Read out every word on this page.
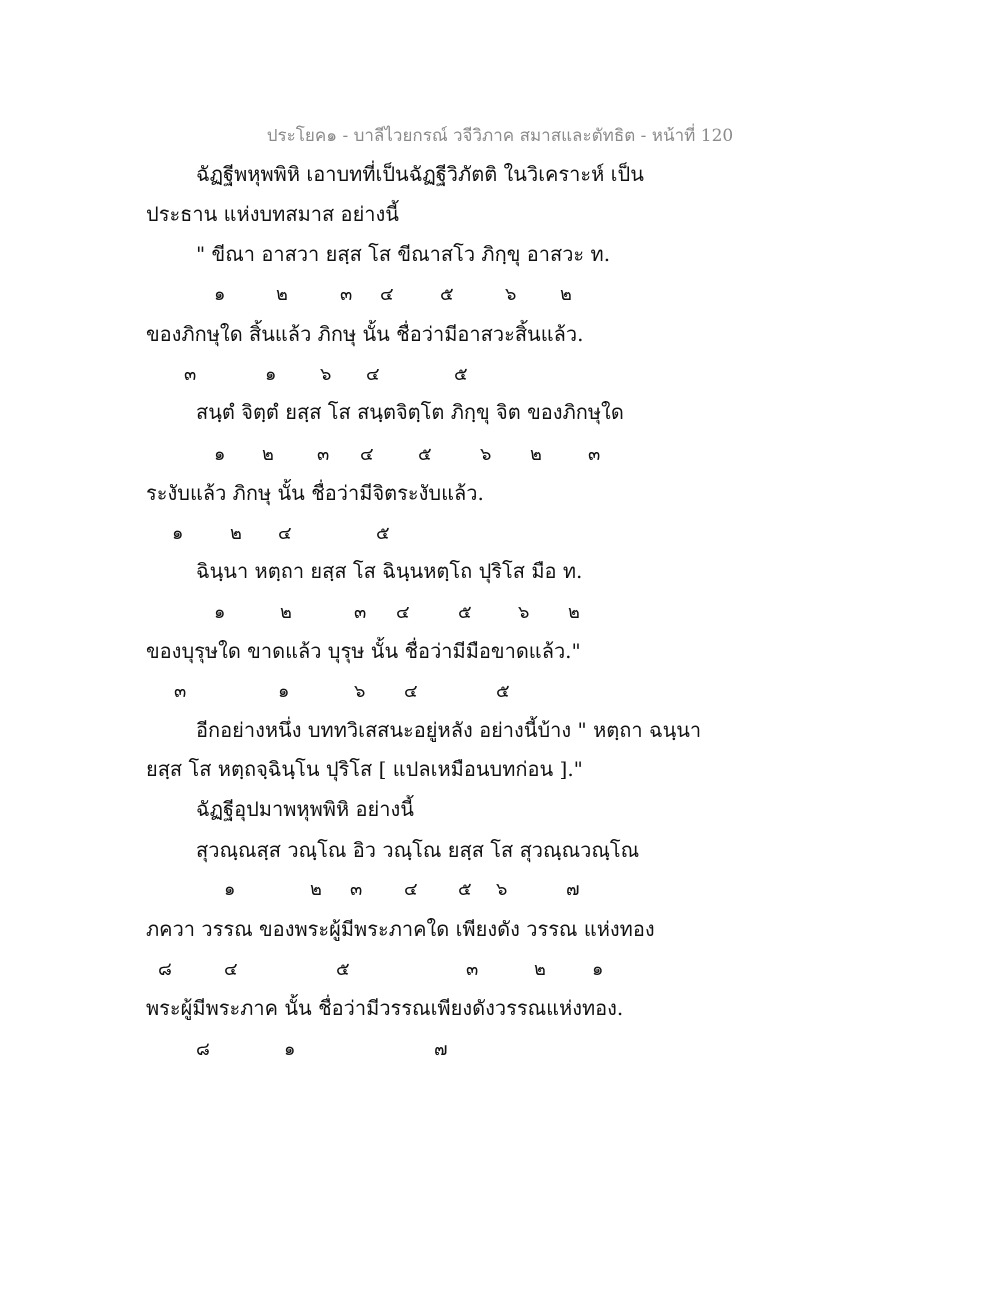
ประโยค๑ - บาลีไวยกรณ์ วจีวิภาค สมาสและตัทธิต - หน้าที่ 120
ฉัฏฐีพหุพพิหิ เอาบทที่เป็นฉัฏฐีวิภัตติ ในวิเคราะห์ เป็น
ประธาน แห่งบทสมาส อย่างนี้
" ขีณา อาสวา ยสฺส โส ขีณาสโว ภิกฺขุ อาสวะ ท.
๑	๒	๓ ๔	๕	๖ ๒
ของภิกษุใด สิ้นแล้ว ภิกษุ นั้น ชื่อว่ามีอาสวะสิ้นแล้ว.
๓	๑ ๖ ๔	๕
สนฺตํ จิตฺตํ ยสฺส โส สนฺตจิตฺโต ภิกฺขุ จิต ของภิกษุใด
๑ ๒ ๓ ๔ ๕	๖ ๒	๓
ระงับแล้ว ภิกษุ นั้น ชื่อว่ามีจิตระงับแล้ว.
๑	๒ ๔	๕
ฉินฺนา หตฺถา ยสฺส โส ฉินฺนหตฺโถ ปุริโส มือ ท.
๑	๒	๓ ๔	๕	๖ ๒
ของบุรุษใด ขาดแล้ว บุรุษ นั้น ชื่อว่ามีมือขาดแล้ว."
๓	๑	๖ ๔	๕
อีกอย่างหนึ่ง บททวิเสสนะอยู่หลัง อย่างนี้บ้าง " หตฺถา ฉนฺนา
ยสฺส โส หตฺถจฺฉินฺโน ปุริโส [ แปลเหมือนบทก่อน ]."
ฉัฏฐีอุปมาพหุพพิหิ อย่างนี้
สุวณฺณสฺส วณฺโณ อิว วณฺโณ ยสฺส โส สุวณฺณวณฺโณ
๑	๒ ๓ ๔ ๕ ๖	๗
ภควา วรรณ ของพระผู้มีพระภาคใด เพียงดัง วรรณ แห่งทอง
๘	๔	๕	๓	๒	๑
พระผู้มีพระภาค นั้น ชื่อว่ามีวรรณเพียงดังวรรณแห่งทอง.
๘	๑	๗
